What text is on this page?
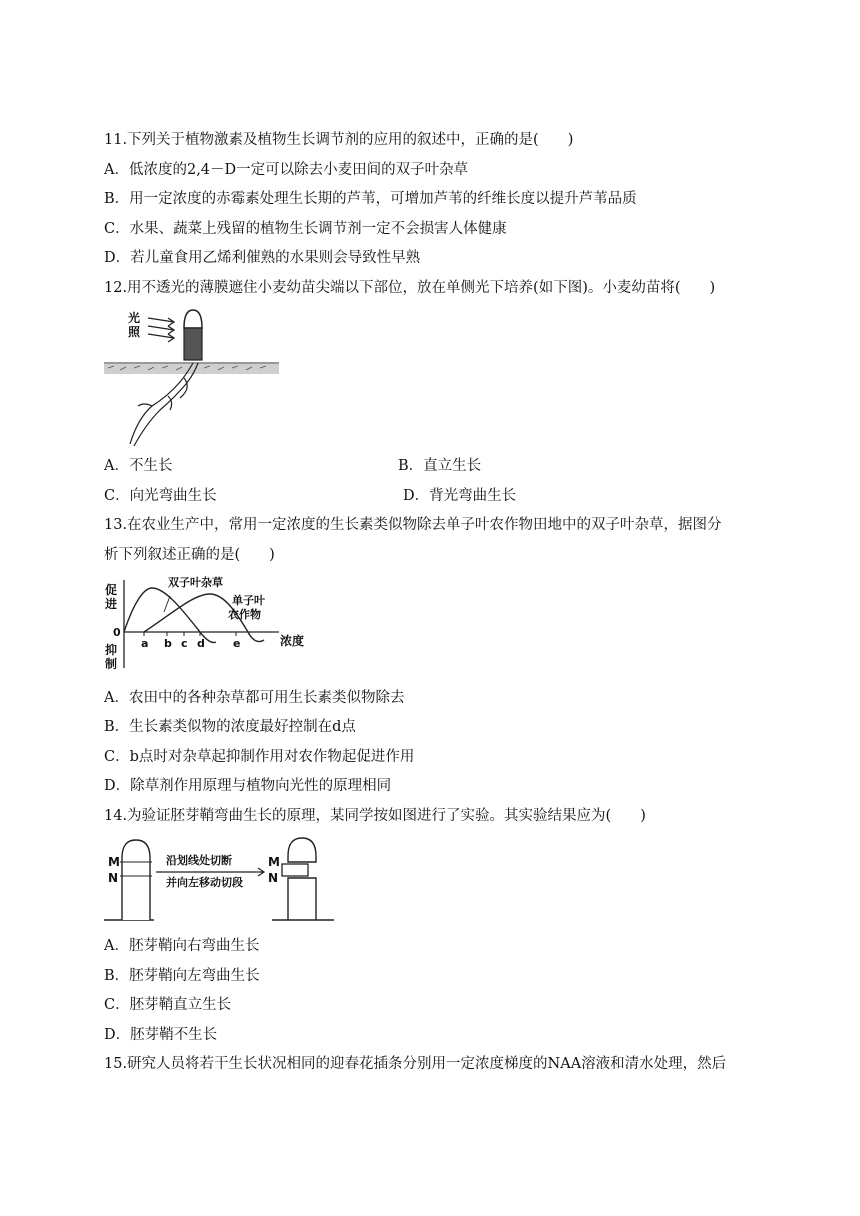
11.下列关于植物激素及植物生长调节剂的应用的叙述中，正确的是(　　)
A．低浓度的2,4－D一定可以除去小麦田间的双子叶杂草
B．用一定浓度的赤霉素处理生长期的芦苇，可增加芦苇的纤维长度以提升芦苇品质
C．水果、蔬菜上残留的植物生长调节剂一定不会损害人体健康
D．若儿童食用乙烯利催熟的水果则会导致性早熟
12.用不透光的薄膜遮住小麦幼苗尖端以下部位，放在单侧光下培养(如下图)。小麦幼苗将(　　)
光
照
A．不生长	B．直立生长
C．向光弯曲生长	D．背光弯曲生长
13.在农业生产中，常用一定浓度的生长素类似物除去单子叶农作物田地中的双子叶杂草，据图分
析下列叙述正确的是(　　)
促
进
抑
制
0
浓度
双子叶杂草
单子叶
农作物
a b c d	e
A．农田中的各种杂草都可用生长素类似物除去
B．生长素类似物的浓度最好控制在d点
C．b点时对杂草起抑制作用对农作物起促进作用
D．除草剂作用原理与植物向光性的原理相同
14.为验证胚芽鞘弯曲生长的原理，某同学按如图进行了实验。其实验结果应为(　　)
M
N
沿划线处切断
并向左移动切段
M
N
A．胚芽鞘向右弯曲生长
B．胚芽鞘向左弯曲生长
C．胚芽鞘直立生长
D．胚芽鞘不生长
15.研究人员将若干生长状况相同的迎春花插条分别用一定浓度梯度的NAA溶液和清水处理，然后
